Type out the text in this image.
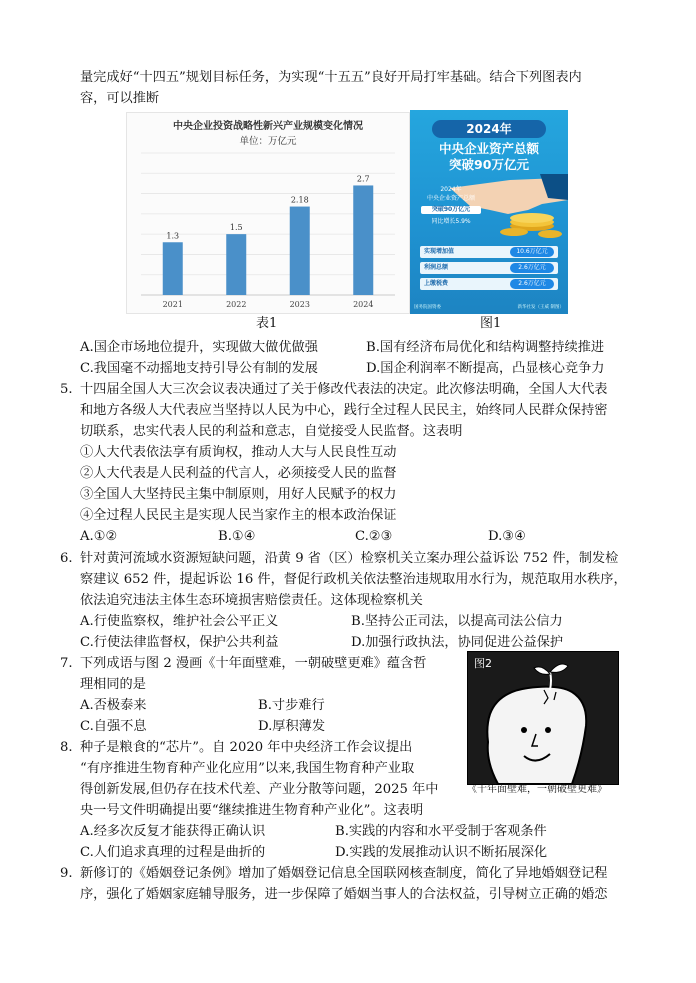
量完成好“十四五”规划目标任务，为实现“十五五”良好开局打牢基础。结合下列图表内
容，可以推断
中央企业投资战略性新兴产业规模变化情况
单位：万亿元
1.3
2021
1.5
2022
2.18
2023
2.7
2024
2024年
中央企业资产总额
突破90万亿元
2024年
中央企业资产总额
突破90万亿元
同比增长5.9%
实现增加值	10.6万亿元
利润总额	2.6万亿元
上缴税费	2.6万亿元
国务院国资委	新华社发（王威 制图）
表1	图1
A.国企市场地位提升，实现做大做优做强	B.国有经济布局优化和结构调整持续推进
C.我国毫不动摇地支持引导公有制的发展	D.国企利润率不断提高，凸显核心竞争力
5. 十四届全国人大三次会议表决通过了关于修改代表法的决定。此次修法明确，全国人大代表
和地方各级人大代表应当坚持以人民为中心，践行全过程人民民主，始终同人民群众保持密
切联系，忠实代表人民的利益和意志，自觉接受人民监督。这表明
①人大代表依法享有质询权，推动人大与人民良性互动
②人大代表是人民利益的代言人，必须接受人民的监督
③全国人大坚持民主集中制原则，用好人民赋予的权力
④全过程人民民主是实现人民当家作主的根本政治保证
A.①②	B.①④	C.②③	D.③④
6. 针对黄河流域水资源短缺问题，沿黄 9 省（区）检察机关立案办理公益诉讼 752 件，制发检
察建议 652 件，提起诉讼 16 件，督促行政机关依法整治违规取用水行为，规范取用水秩序，
依法追究违法主体生态环境损害赔偿责任。这体现检察机关
A.行使监察权，维护社会公平正义	B.坚持公正司法，以提高司法公信力
C.行使法律监督权，保护公共利益	D.加强行政执法，协同促进公益保护
7. 下列成语与图 2 漫画《十年面壁难，一朝破壁更难》蕴含哲
理相同的是
A.否极泰来	B.寸步难行
C.自强不息	D.厚积薄发
图2
《十年面壁难，一朝破壁更难》
8. 种子是粮食的“芯片”。自 2020 年中央经济工作会议提出
“有序推进生物育种产业化应用”以来,我国生物育种产业取
得创新发展,但仍存在技术代差、产业分散等问题，2025 年中
央一号文件明确提出要“继续推进生物育种产业化”。这表明
A.经多次反复才能获得正确认识	B.实践的内容和水平受制于客观条件
C.人们追求真理的过程是曲折的	D.实践的发展推动认识不断拓展深化
9. 新修订的《婚姻登记条例》增加了婚姻登记信息全国联网核查制度，简化了异地婚姻登记程
序，强化了婚姻家庭辅导服务，进一步保障了婚姻当事人的合法权益，引导树立正确的婚恋
